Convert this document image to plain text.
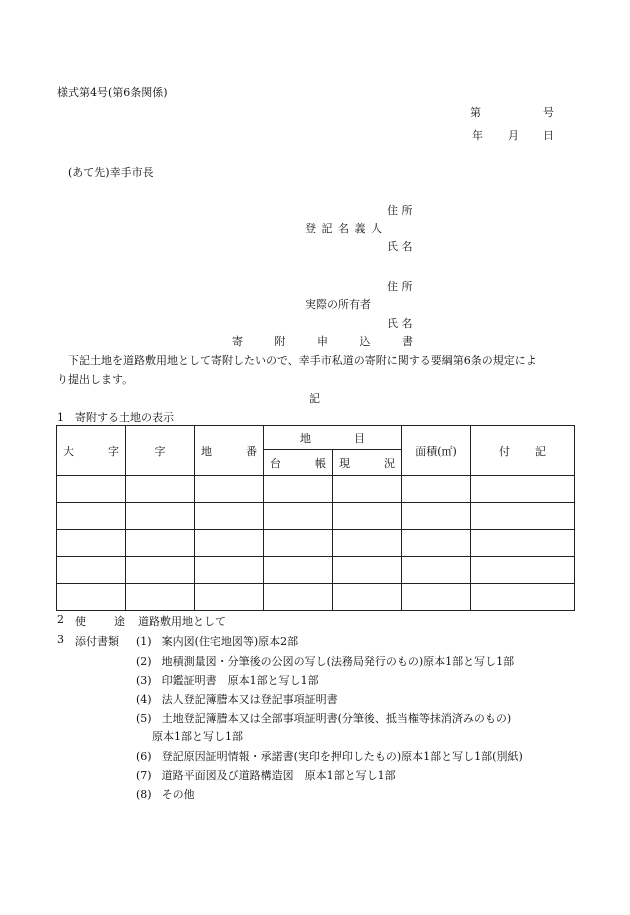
様式第4号(第6条関係)
第	号
年 月 日
(あて先)幸手市長
住 所
登 記 名 義 人
氏 名
住 所
実際の所有者
氏 名
寄 附 申 込 書
下記土地を道路敷用地として寄附したいので、幸手市私道の寄附に関する要綱第6条の規定によ
り提出します。
記
1　寄附する土地の表示
大 字	字	地 番	地 目		面積(㎡)	付 記

			台 帳	現 況		

2 使	途 道路敷用地として
3 添付書類 (1) 案内図(住宅地図等)原本2部
(2) 地積測量図・分筆後の公図の写し(法務局発行のもの)原本1部と写し1部
(3) 印鑑証明書　原本1部と写し1部
(4) 法人登記簿謄本又は登記事項証明書
(5) 土地登記簿謄本又は全部事項証明書(分筆後、抵当権等抹消済みのもの)
原本1部と写し1部
(6) 登記原因証明情報・承諾書(実印を押印したもの)原本1部と写し1部(別紙)
(7) 道路平面図及び道路構造図　原本1部と写し1部
(8) その他
